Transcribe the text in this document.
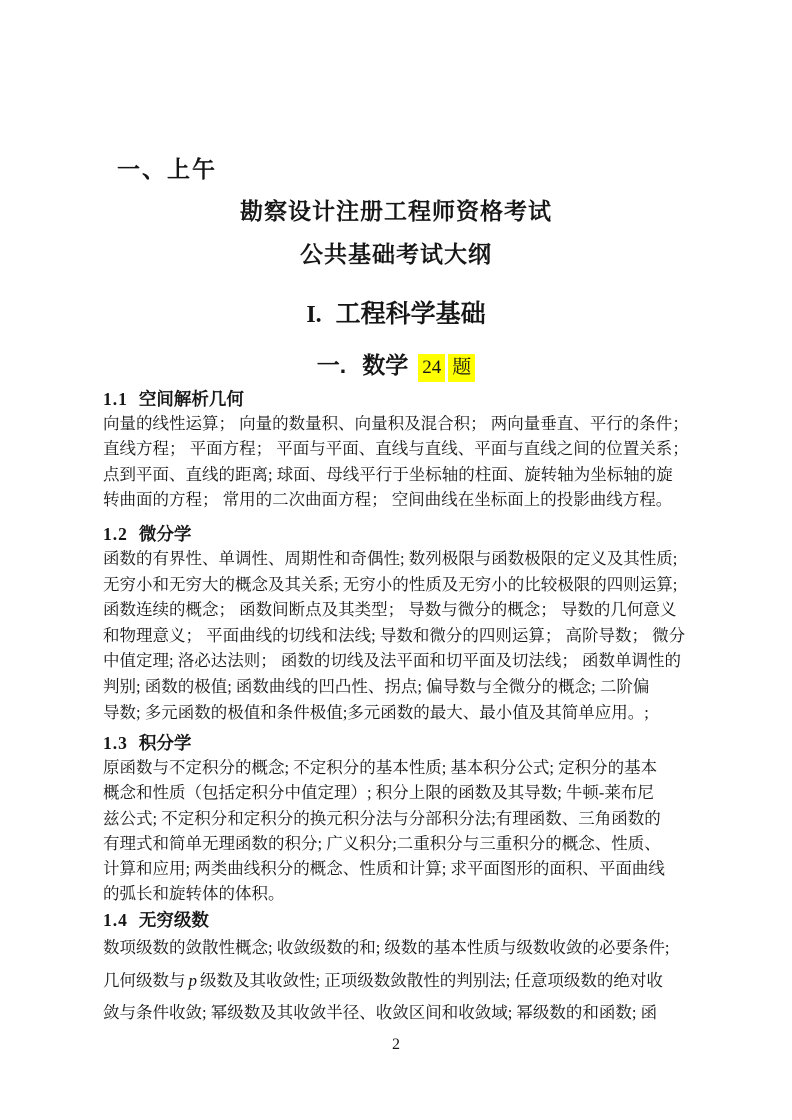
一、上午
勘察设计注册工程师资格考试
公共基础考试大纲
I. 工程科学基础
一. 数学 24 题
1.1 空间解析几何
向量的线性运算； 向量的数量积、向量积及混合积； 两向量垂直、平行的条件；
直线方程； 平面方程； 平面与平面、直线与直线、平面与直线之间的位置关系；
点到平面、直线的距离; 球面、母线平行于坐标轴的柱面、旋转轴为坐标轴的旋
转曲面的方程； 常用的二次曲面方程； 空间曲线在坐标面上的投影曲线方程。
1.2 微分学
函数的有界性、单调性、周期性和奇偶性; 数列极限与函数极限的定义及其性质;
无穷小和无穷大的概念及其关系; 无穷小的性质及无穷小的比较极限的四则运算;
函数连续的概念； 函数间断点及其类型； 导数与微分的概念； 导数的几何意义
和物理意义； 平面曲线的切线和法线; 导数和微分的四则运算； 高阶导数； 微分
中值定理; 洛必达法则； 函数的切线及法平面和切平面及切法线； 函数单调性的
判别; 函数的极值; 函数曲线的凹凸性、拐点; 偏导数与全微分的概念; 二阶偏
导数; 多元函数的极值和条件极值;多元函数的最大、最小值及其简单应用。;
1.3 积分学
原函数与不定积分的概念; 不定积分的基本性质; 基本积分公式; 定积分的基本
概念和性质（包括定积分中值定理）; 积分上限的函数及其导数; 牛顿-莱布尼
兹公式; 不定积分和定积分的换元积分法与分部积分法;有理函数、三角函数的
有理式和简单无理函数的积分; 广义积分;二重积分与三重积分的概念、性质、
计算和应用; 两类曲线积分的概念、性质和计算; 求平面图形的面积、平面曲线
的弧长和旋转体的体积。
1.4 无穷级数
数项级数的敛散性概念; 收敛级数的和; 级数的基本性质与级数收敛的必要条件;
几何级数与 p 级数及其收敛性; 正项级数敛散性的判别法; 任意项级数的绝对收
敛与条件收敛; 幂级数及其收敛半径、收敛区间和收敛域; 幂级数的和函数; 函
2
